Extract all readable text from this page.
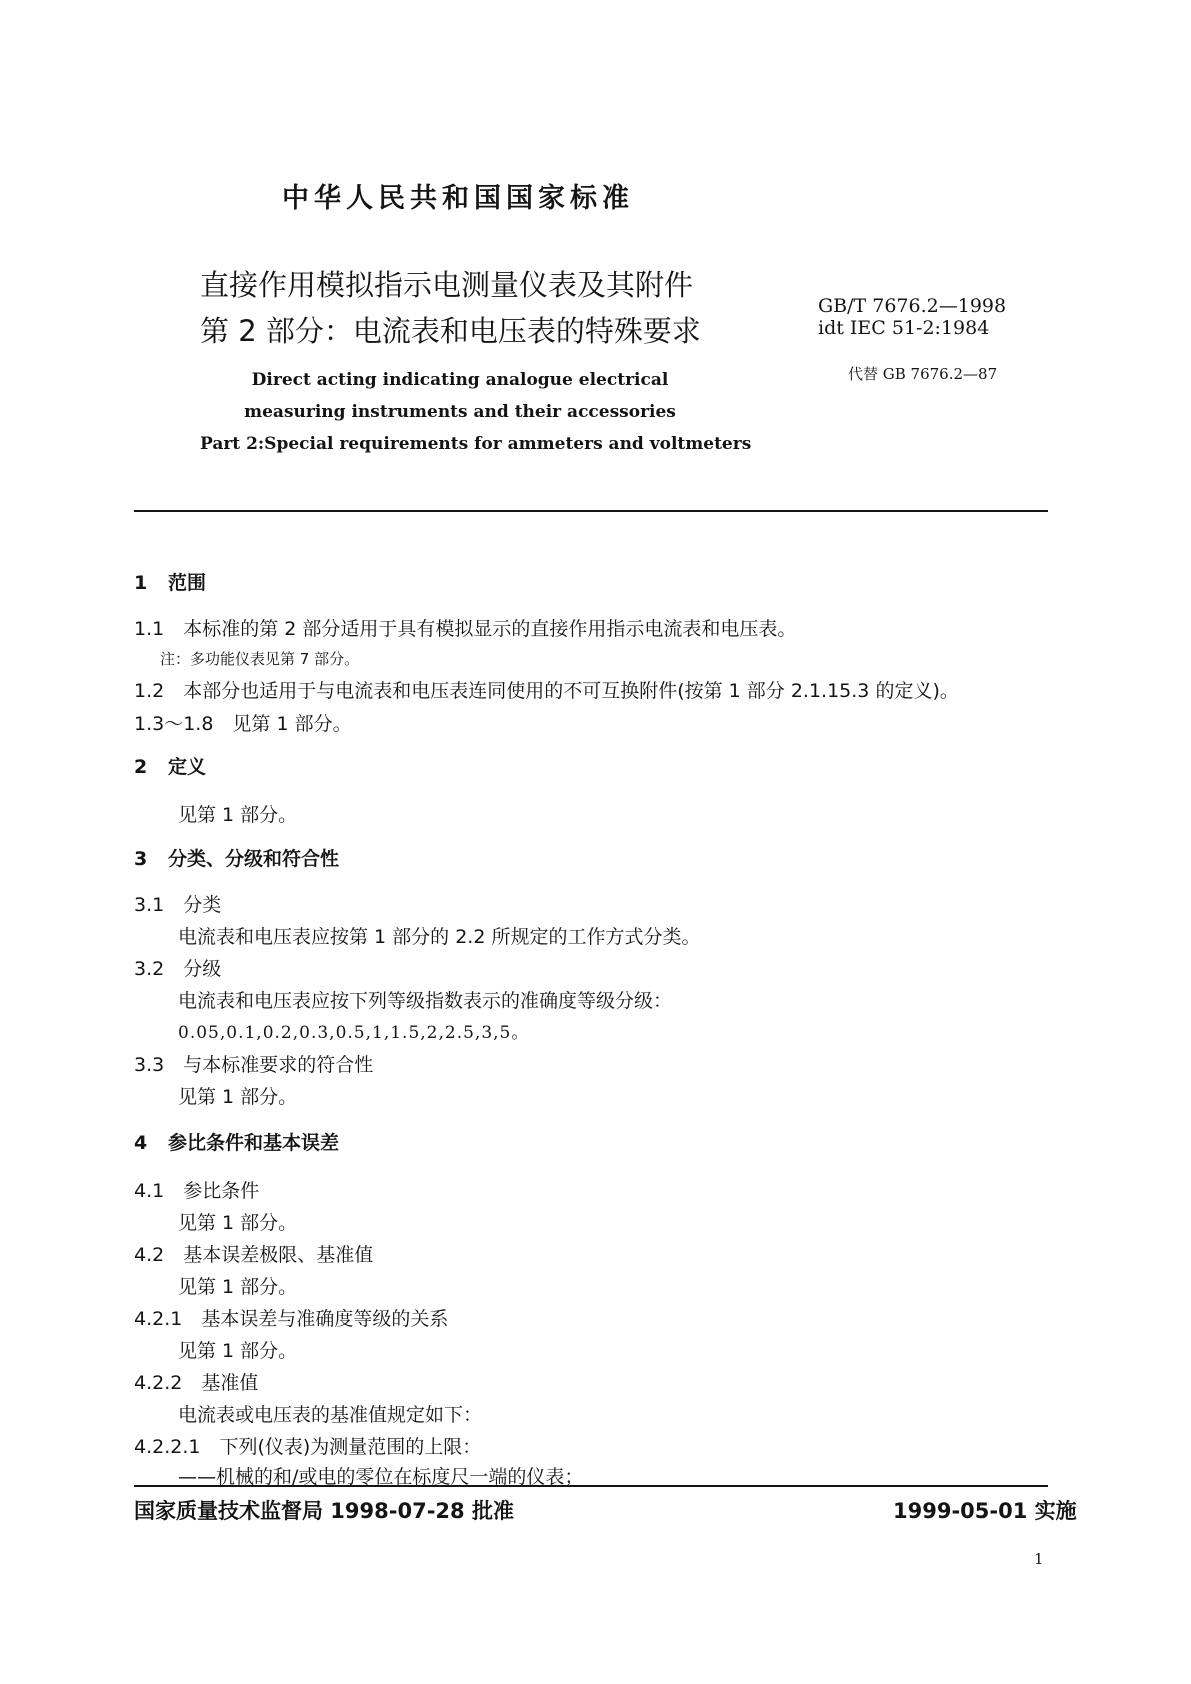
中华人民共和国国家标准
直接作用模拟指示电测量仪表及其附件
第 2 部分：电流表和电压表的特殊要求
Direct acting indicating analogue electrical
measuring instruments and their accessories
Part 2:Special requirements for ammeters and voltmeters
GB/T 7676.2—1998
idt IEC 51-2:1984
代替 GB 7676.2—87
1 范围
1.1　本标准的第 2 部分适用于具有模拟显示的直接作用指示电流表和电压表。
注：多功能仪表见第 7 部分。
1.2　本部分也适用于与电流表和电压表连同使用的不可互换附件(按第 1 部分 2.1.15.3 的定义)。
1.3～1.8　见第 1 部分。
2 定义
见第 1 部分。
3 分类、分级和符合性
3.1　分类
电流表和电压表应按第 1 部分的 2.2 所规定的工作方式分类。
3.2　分级
电流表和电压表应按下列等级指数表示的准确度等级分级：
0.05,0.1,0.2,0.3,0.5,1,1.5,2,2.5,3,5。
3.3　与本标准要求的符合性
见第 1 部分。
4 参比条件和基本误差
4.1　参比条件
见第 1 部分。
4.2　基本误差极限、基准值
见第 1 部分。
4.2.1　基本误差与准确度等级的关系
见第 1 部分。
4.2.2　基准值
电流表或电压表的基准值规定如下：
4.2.2.1　下列(仪表)为测量范围的上限：
——机械的和/或电的零位在标度尺一端的仪表；
国家质量技术监督局 1998-07-28 批准	1999-05-01 实施
1
